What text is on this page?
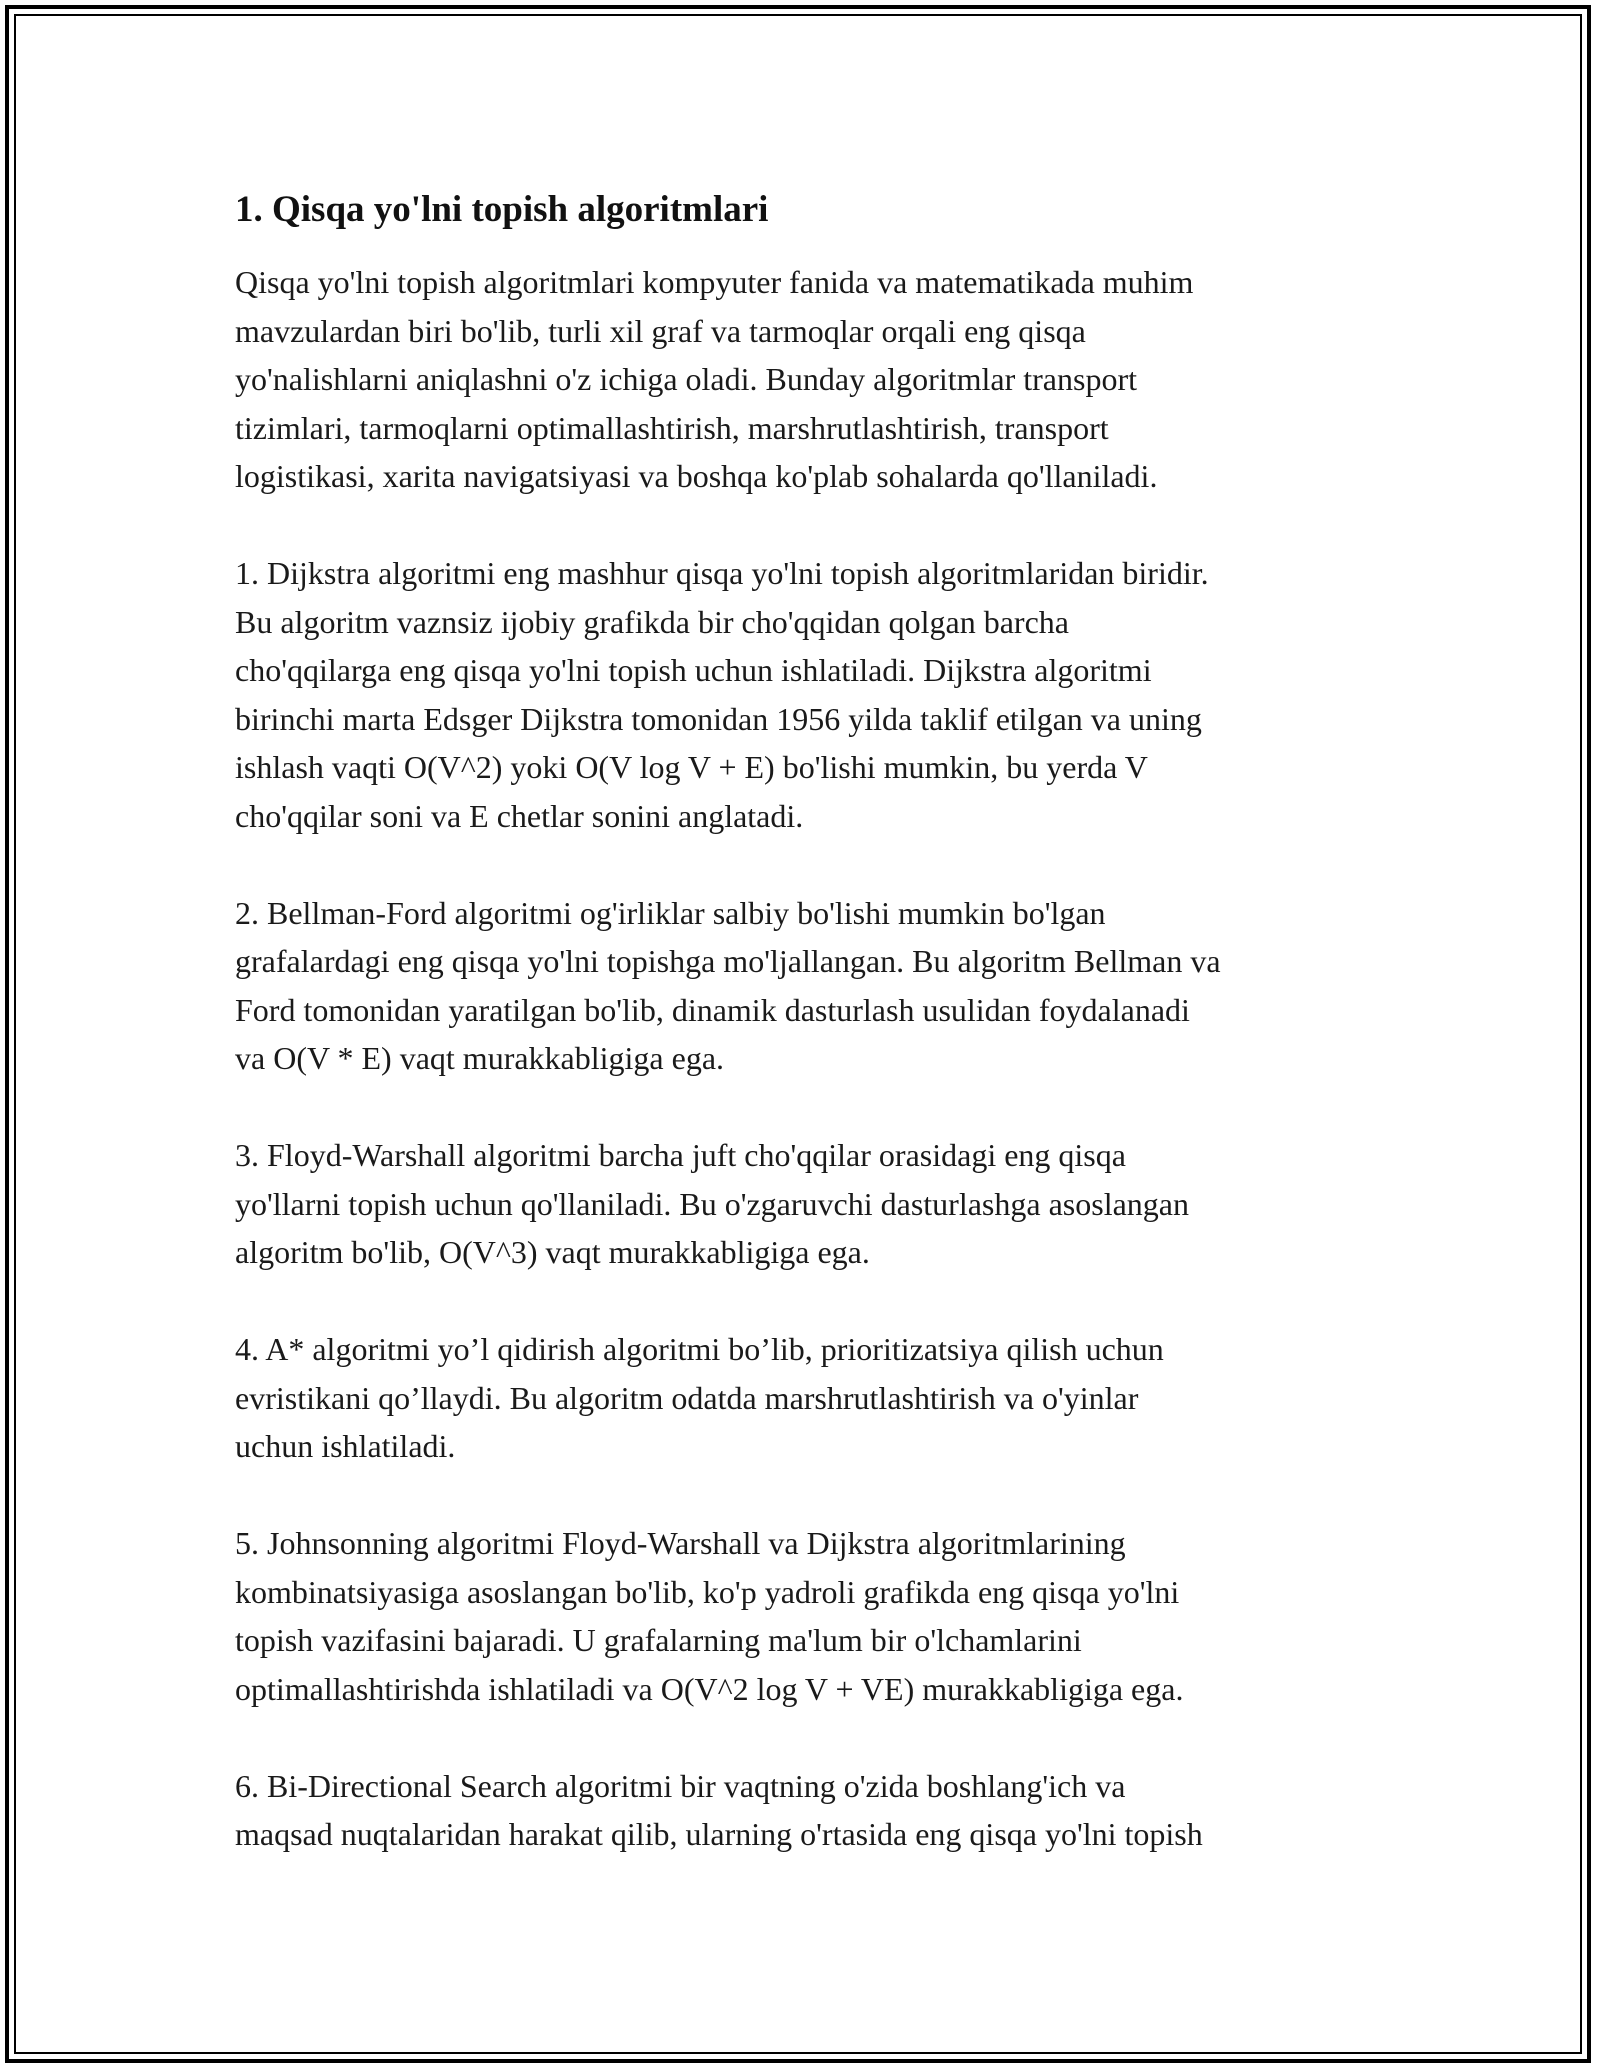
1. Qisqa yo'lni topish algoritmlari

Qisqa yo'lni topish algoritmlari kompyuter fanida va matematikada muhim
mavzulardan biri bo'lib, turli xil graf va tarmoqlar orqali eng qisqa
yo'nalishlarni aniqlashni o'z ichiga oladi. Bunday algoritmlar transport
tizimlari, tarmoqlarni optimallashtirish, marshrutlashtirish, transport
logistikasi, xarita navigatsiyasi va boshqa ko'plab sohalarda qo'llaniladi.

1. Dijkstra algoritmi eng mashhur qisqa yo'lni topish algoritmlaridan biridir.
Bu algoritm vaznsiz ijobiy grafikda bir cho'qqidan qolgan barcha
cho'qqilarga eng qisqa yo'lni topish uchun ishlatiladi. Dijkstra algoritmi
birinchi marta Edsger Dijkstra tomonidan 1956 yilda taklif etilgan va uning
ishlash vaqti O(V^2) yoki O(V log V + E) bo'lishi mumkin, bu yerda V
cho'qqilar soni va E chetlar sonini anglatadi.

2. Bellman-Ford algoritmi og'irliklar salbiy bo'lishi mumkin bo'lgan
grafalardagi eng qisqa yo'lni topishga mo'ljallangan. Bu algoritm Bellman va
Ford tomonidan yaratilgan bo'lib, dinamik dasturlash usulidan foydalanadi
va O(V * E) vaqt murakkabligiga ega.

3. Floyd-Warshall algoritmi barcha juft cho'qqilar orasidagi eng qisqa
yo'llarni topish uchun qo'llaniladi. Bu o'zgaruvchi dasturlashga asoslangan
algoritm bo'lib, O(V^3) vaqt murakkabligiga ega.

4. A* algoritmi yo’l qidirish algoritmi bo’lib, prioritizatsiya qilish uchun
evristikani qo’llaydi. Bu algoritm odatda marshrutlashtirish va o'yinlar
uchun ishlatiladi.

5. Johnsonning algoritmi Floyd-Warshall va Dijkstra algoritmlarining
kombinatsiyasiga asoslangan bo'lib, ko'p yadroli grafikda eng qisqa yo'lni
topish vazifasini bajaradi. U grafalarning ma'lum bir o'lchamlarini
optimallashtirishda ishlatiladi va O(V^2 log V + VE) murakkabligiga ega.

6. Bi-Directional Search algoritmi bir vaqtning o'zida boshlang'ich va
maqsad nuqtalaridan harakat qilib, ularning o'rtasida eng qisqa yo'lni topish
